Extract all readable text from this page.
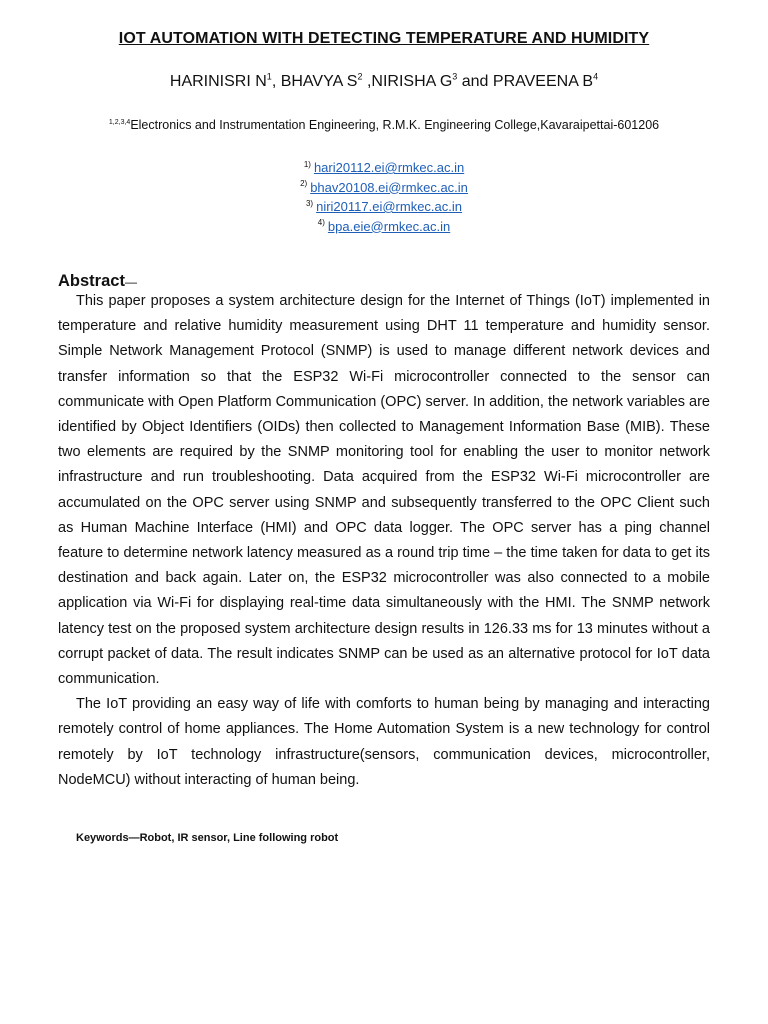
IOT AUTOMATION WITH DETECTING TEMPERATURE AND HUMIDITY
HARINISRI $N^1$, BHAVYA $S^2$ ,NIRISHA $G^3$ and PRAVEENA $B^4$
$^{1,2,3,4}$Electronics and Instrumentation Engineering, R.M.K. Engineering College,Kavaraipettai-601206
$^{1)}$ hari20112.ei@rmkec.ac.in
$^{2)}$ bhav20108.ei@rmkec.ac.in
$^{3)}$ niri20117.ei@rmkec.ac.in
$^{4)}$ bpa.eie@rmkec.ac.in
Abstract—

This paper proposes a system architecture design for the Internet of Things (IoT) implemented in temperature and relative humidity measurement using DHT 11 temperature and humidity sensor. Simple Network Management Protocol (SNMP) is used to manage different network devices and transfer information so that the ESP32 Wi-Fi microcontroller connected to the sensor can communicate with Open Platform Communication (OPC) server. In addition, the network variables are identified by Object Identifiers (OIDs) then collected to Management Information Base (MIB). These two elements are required by the SNMP monitoring tool for enabling the user to monitor network infrastructure and run troubleshooting. Data acquired from the ESP32 Wi-Fi microcontroller are accumulated on the OPC server using SNMP and subsequently transferred to the OPC Client such as Human Machine Interface (HMI) and OPC data logger. The OPC server has a ping channel feature to determine network latency measured as a round trip time – the time taken for data to get its destination and back again. Later on, the ESP32 microcontroller was also connected to a mobile application via Wi-Fi for displaying real-time data simultaneously with the HMI. The SNMP network latency test on the proposed system architecture design results in 126.33 ms for 13 minutes without a corrupt packet of data. The result indicates SNMP can be used as an alternative protocol for IoT data communication.

The IoT providing an easy way of life with comforts to human being by managing and interacting remotely control of home appliances. The Home Automation System is a new technology for control remotely by IoT technology infrastructure(sensors, communication devices, microcontroller, NodeMCU) without interacting of human being.

Keywords—Robot, IR sensor, Line following robot
